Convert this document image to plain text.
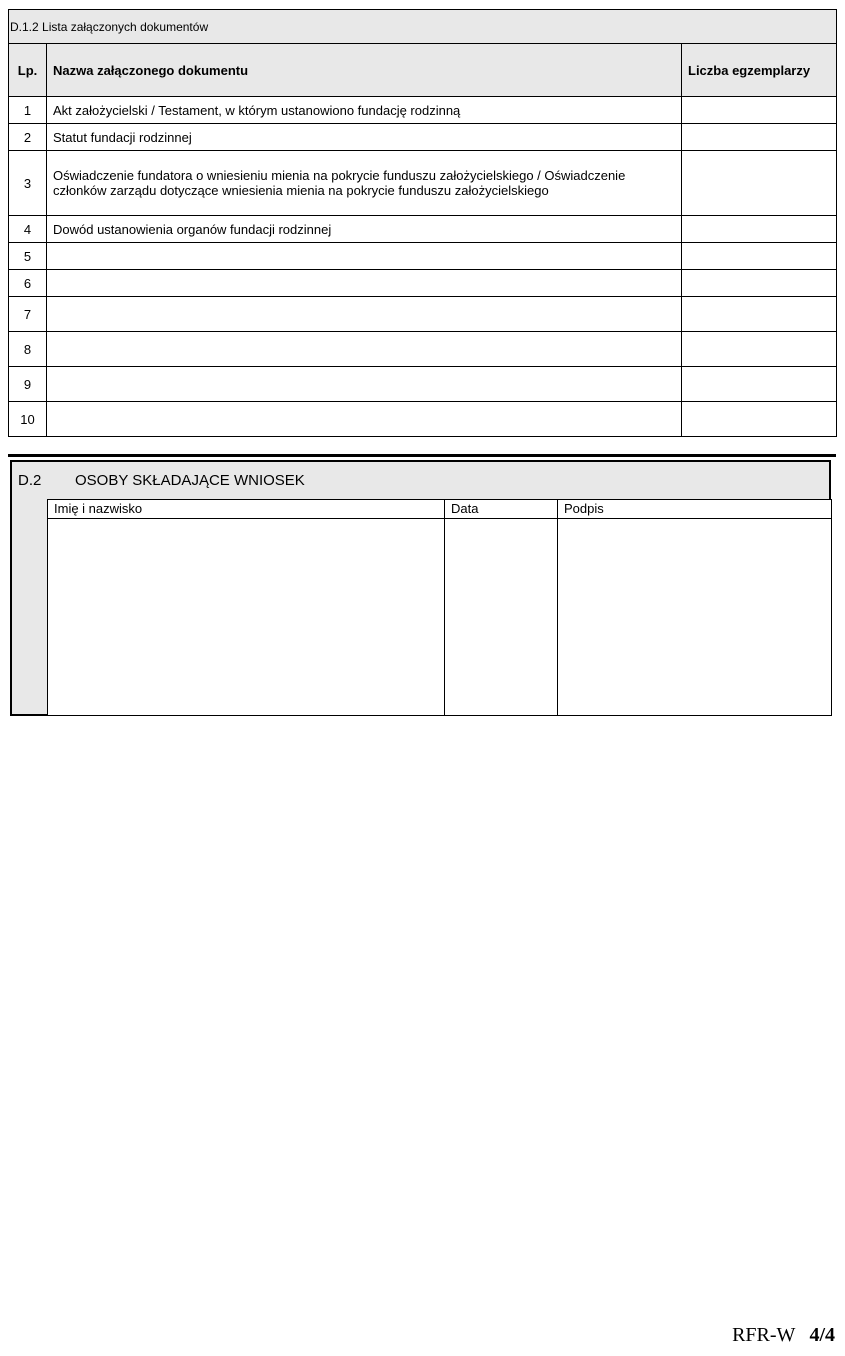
D.1.2 Lista załączonych dokumentów		
Lp.	Nazwa załączonego dokumentu	Liczba egzemplarzy
1	Akt założycielski / Testament, w którym ustanowiono fundację rodzinną	
2	Statut fundacji rodzinnej	
3	Oświadczenie fundatora o wniesieniu mienia na pokrycie funduszu założycielskiego / Oświadczenie członków zarządu dotyczące wniesienia mienia na pokrycie funduszu założycielskiego	
4	Dowód ustanowienia organów fundacji rodzinnej	
5		
6		
7		
8		
9		
10		
D.2 OSOBY SKŁADAJĄCE WNIOSEK
Imię i nazwisko	Data	Podpis

RFR-W 4/4
